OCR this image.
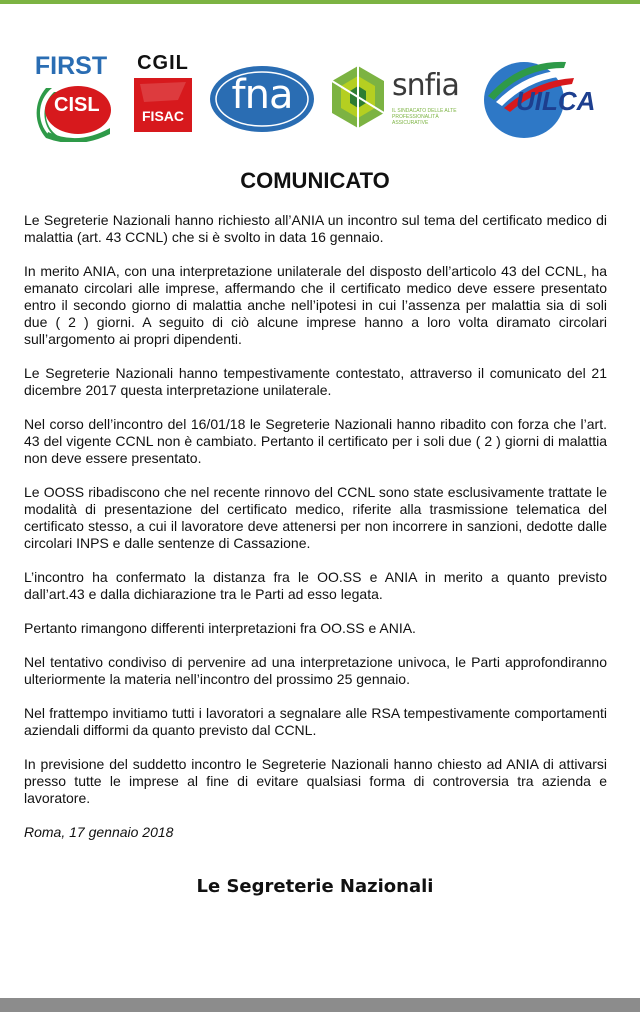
FIRST
CISL
CGIL
FISAC	fna	snfia
IL SINDACATO DELLE ALTE PROFESSIONALITÀ ASSICURATIVE
UILCA
COMUNICATO

Le Segreterie Nazionali hanno richiesto all’ANIA un incontro sul tema del certificato medico di malattia (art. 43 CCNL) che si è svolto in data 16 gennaio.

In merito ANIA, con una interpretazione unilaterale del disposto dell’articolo 43 del CCNL, ha emanato circolari alle imprese, affermando che il certificato medico deve essere presentato entro il secondo giorno di malattia anche nell’ipotesi in cui l’assenza per malattia sia di soli due ( 2 ) giorni. A seguito di ciò alcune imprese hanno a loro volta diramato circolari sull’argomento ai propri dipendenti.

Le Segreterie Nazionali hanno tempestivamente contestato, attraverso il comunicato del 21 dicembre 2017 questa interpretazione unilaterale.

Nel corso dell’incontro del 16/01/18 le Segreterie Nazionali hanno ribadito con forza che l’art. 43 del vigente CCNL non è cambiato. Pertanto il certificato per i soli due ( 2 ) giorni di malattia non deve essere presentato.

Le OOSS ribadiscono che nel recente rinnovo del CCNL sono state esclusivamente trattate le modalità di presentazione del certificato medico, riferite alla trasmissione telematica del certificato stesso, a cui il lavoratore deve attenersi per non incorrere in sanzioni, dedotte dalle circolari INPS e dalle sentenze di Cassazione.

L’incontro ha confermato la distanza fra le OO.SS e ANIA in merito a quanto previsto dall’art.43 e dalla dichiarazione tra le Parti ad esso legata.

Pertanto rimangono differenti interpretazioni fra OO.SS e ANIA.

Nel tentativo condiviso di pervenire ad una interpretazione univoca, le Parti approfondiranno ulteriormente la materia nell’incontro del prossimo 25 gennaio.

Nel frattempo invitiamo tutti i lavoratori a segnalare alle RSA tempestivamente comportamenti aziendali difformi da quanto previsto dal CCNL.

In previsione del suddetto incontro le Segreterie Nazionali hanno chiesto ad ANIA di attivarsi presso tutte le imprese al fine di evitare qualsiasi forma di controversia tra azienda e lavoratore.

Roma, 17 gennaio 2018

Le Segreterie Nazionali
